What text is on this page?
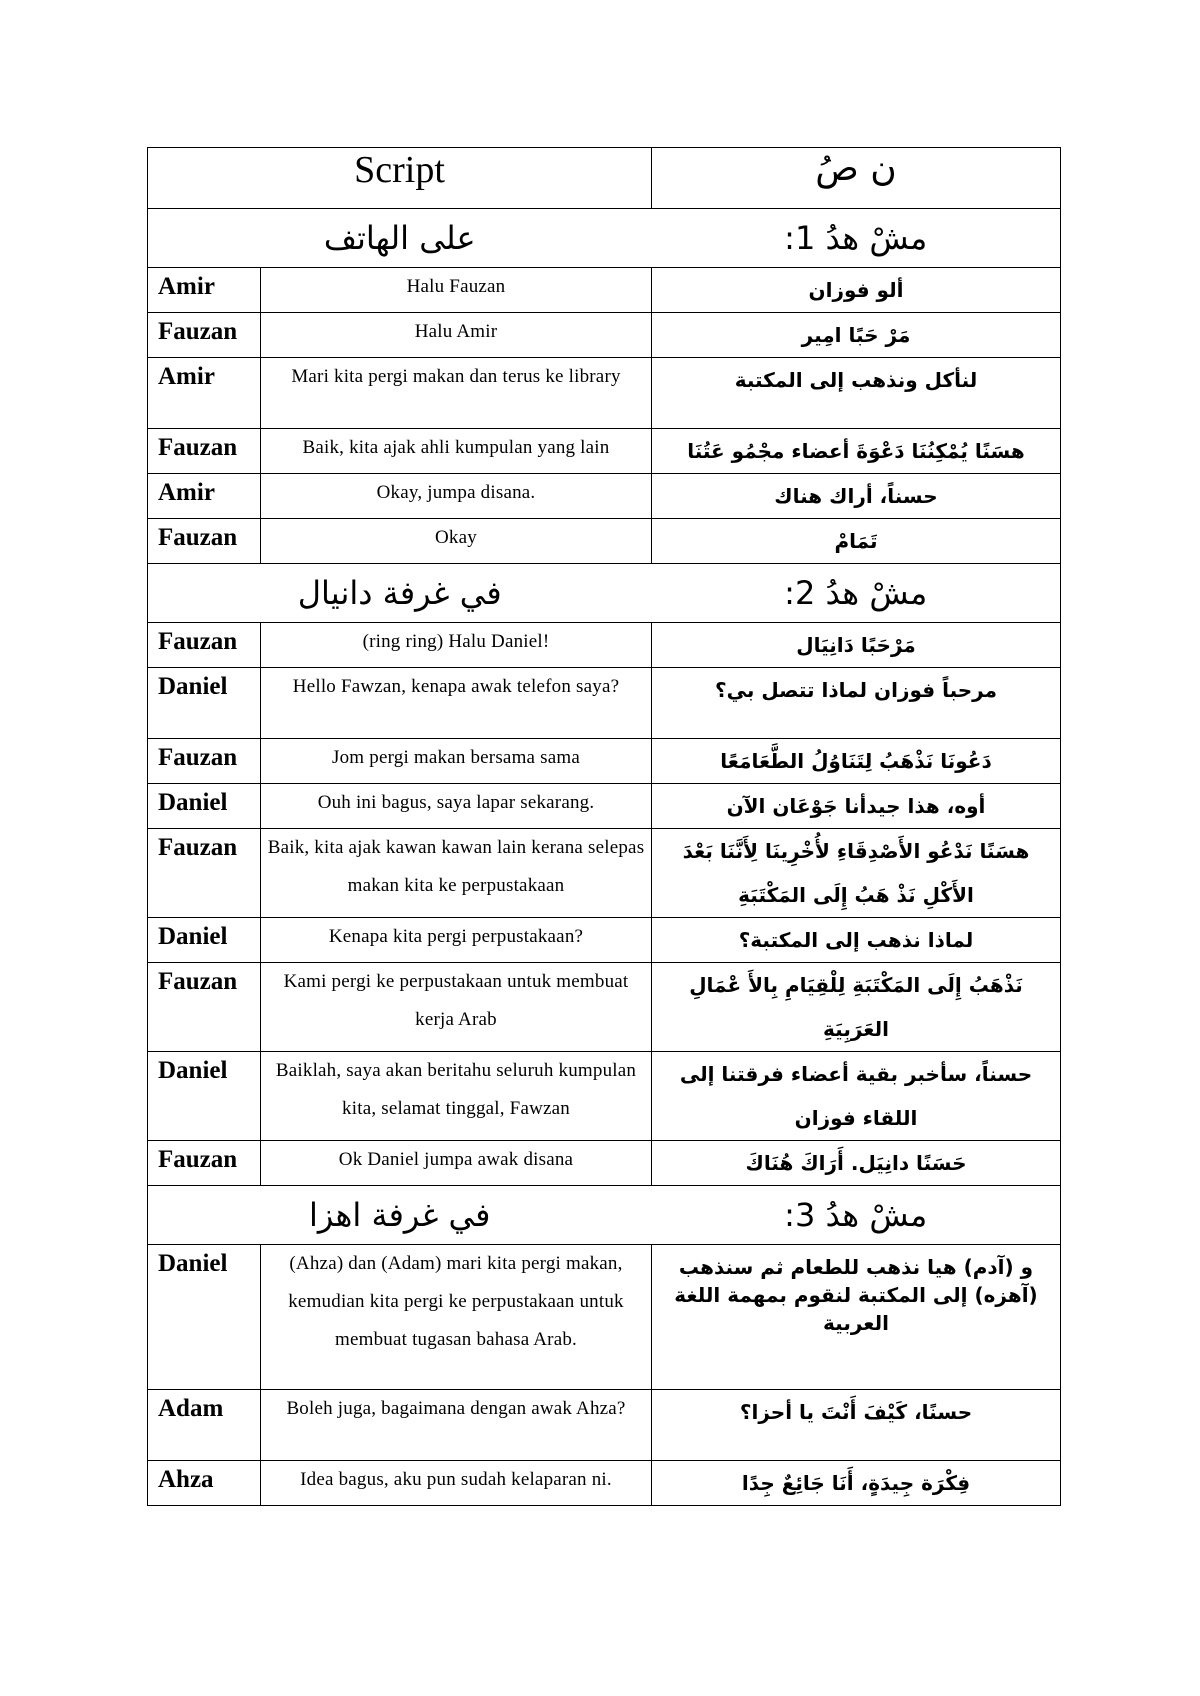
Script		ن صُ

على الهاتف مشْ هدُ 1:		

Amir	Halu Fauzan	ألو فوزان
Fauzan	Halu Amir	مَرْ حَبًا امِير
Amir	Mari kita pergi makan dan terus ke library	لنأكل ونذهب إلى المكتبة
Fauzan	Baik, kita ajak ahli kumpulan yang lain	هسَنًا يُمْكِنُنَا دَعْوَةَ أعضاء مجْمُو عَتُنَا
Amir	Okay, jumpa disana.	حسناً، أراك هناك
Fauzan	Okay	تَمَامْ

في غرفة دانيال مشْ هدُ 2:		

Fauzan	(ring ring) Halu Daniel!	مَرْحَبًا دَانِيَال
Daniel	Hello Fawzan, kenapa awak telefon saya?	مرحباً فوزان لماذا تتصل بي؟
Fauzan	Jom pergi makan bersama sama	دَعُونَا نَذْهَبُ لِتَنَاوُلُ الطَّعَامَعًا
Daniel	Ouh ini bagus, saya lapar sekarang.	أوه، هذا جيدأنا جَوْعَان الآن
Fauzan	Baik, kita ajak kawan kawan lain kerana selepas makan kita ke perpustakaan	هسَنًا نَدْعُو الأَصْدِقَاءِ لأُخْرِينَا لِأَنَّنَا بَعْدَ الأَكْلِ نَذْ هَبُ إِلَى المَكْتَبَةِ
Daniel	Kenapa kita pergi perpustakaan?	لماذا نذهب إلى المكتبة؟
Fauzan	Kami pergi ke perpustakaan untuk membuat kerja Arab	نَذْهَبُ إِلَى المَكْتَبَةِ لِلْقِيَامِ بِالأَ عْمَالِ العَرَبِيَةِ
Daniel	Baiklah, saya akan beritahu seluruh kumpulan kita, selamat tinggal, Fawzan	حسناً، سأخبر بقية أعضاء فرقتنا إلى اللقاء فوزان
Fauzan	Ok Daniel jumpa awak disana	حَسَنًا دانِيَل. أَرَاكَ هُنَاكَ

في غرفة اهزا مشْ هدُ 3:		

Daniel	(Ahza) dan (Adam) mari kita pergi makan, kemudian kita pergi ke perpustakaan untuk membuat tugasan bahasa Arab.	و (آدم) هيا نذهب للطعام ثم سنذهب (آهزه) إلى المكتبة لنقوم بمهمة اللغة العربية
Adam	Boleh juga, bagaimana dengan awak Ahza?	حسنًا، كَيْفَ أَنْتَ يا أحزا؟
Ahza	Idea bagus, aku pun sudah kelaparan ni.	فِكْرَة جِيدَةٍ، أَنَا جَائِعٌ جِدًا
